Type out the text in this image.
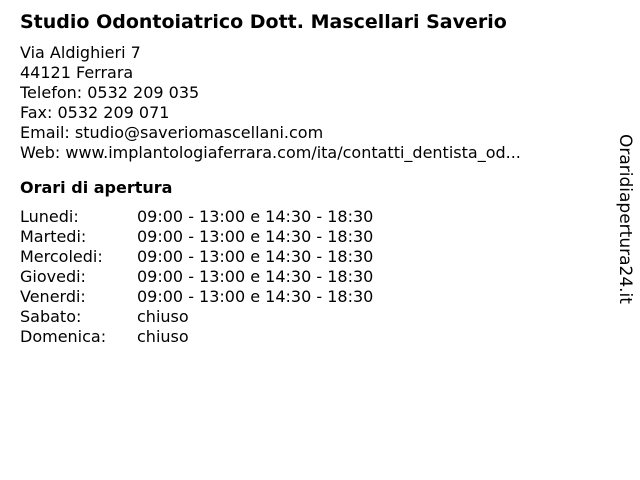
Studio Odontoiatrico Dott. Mascellari Saverio
Via Aldighieri 7
44121 Ferrara
Telefon: 0532 209 035
Fax: 0532 209 071
Email: studio@saveriomascellani.com
Web: www.implantologiaferrara.com/ita/contatti_dentista_od...
Orari di apertura
Lunedi:	09:00 - 13:00 e 14:30 - 18:30
Martedi:	09:00 - 13:00 e 14:30 - 18:30
Mercoledi:	09:00 - 13:00 e 14:30 - 18:30
Giovedi:	09:00 - 13:00 e 14:30 - 18:30
Venerdi:	09:00 - 13:00 e 14:30 - 18:30
Sabato:	chiuso
Domenica:	chiuso
Oraridiapertura24.it
